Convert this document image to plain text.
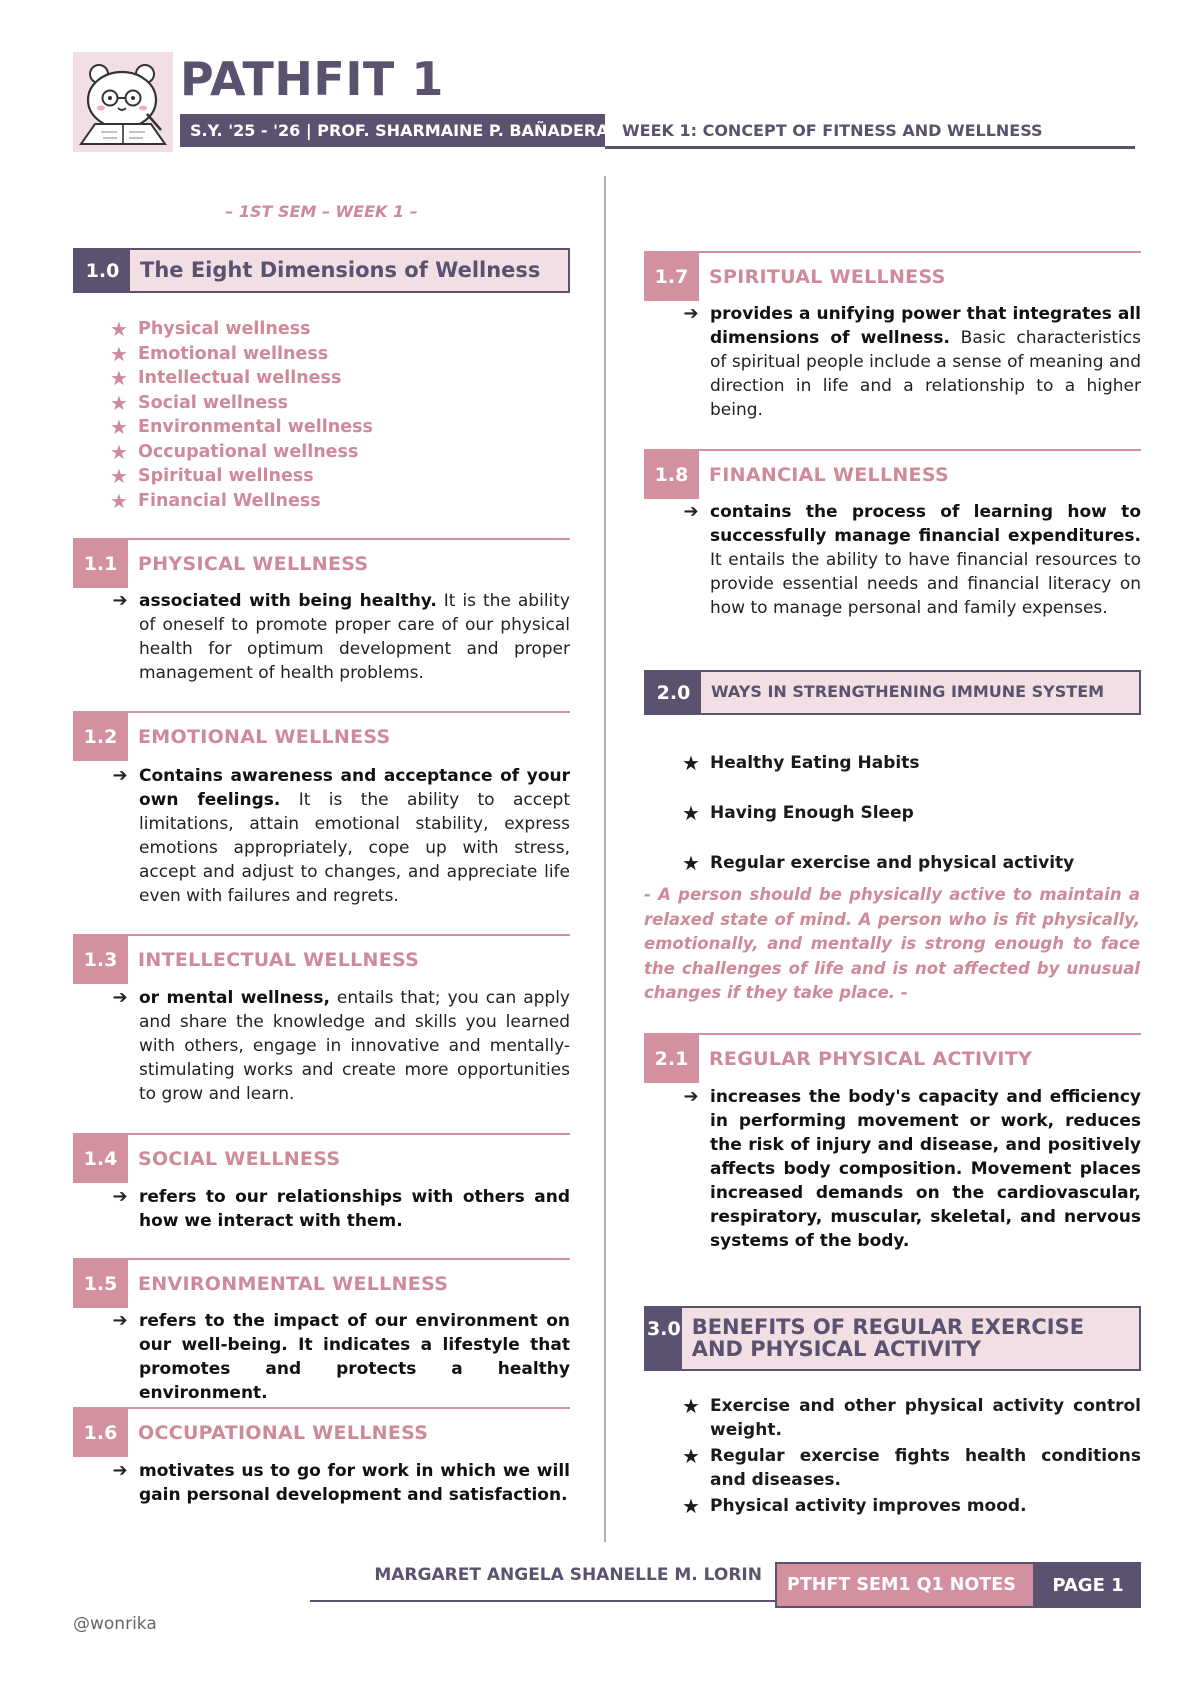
PATHFIT 1
S.Y. '25 - '26 | PROF. SHARMAINE P. BAÑADERA WEEK 1: CONCEPT OF FITNESS AND WELLNESS
– 1ST SEM – WEEK 1 –
1.0 The Eight Dimensions of Wellness
★ Physical wellness
★ Emotional wellness
★ Intellectual wellness
★ Social wellness
★ Environmental wellness
★ Occupational wellness
★ Spiritual wellness
★ Financial Wellness
1.1	PHYSICAL WELLNESS
➔ associated with being healthy. It is the ability of oneself to promote proper care of our physical health for optimum development and proper management of health problems.

1.2	EMOTIONAL WELLNESS
➔ Contains awareness and acceptance of your own feelings. It is the ability to accept limitations, attain emotional stability, express emotions appropriately, cope up with stress, accept and adjust to changes, and appreciate life even with failures and regrets.

1.3	INTELLECTUAL WELLNESS
➔ or mental wellness, entails that; you can apply and share the knowledge and skills you learned with others, engage in innovative and mentally-stimulating works and create more opportunities to grow and learn.

1.4	SOCIAL WELLNESS
➔ refers to our relationships with others and how we interact with them.

1.5	ENVIRONMENTAL WELLNESS
➔ refers to the impact of our environment on our well-being. It indicates a lifestyle that promotes and protects a healthy environment.

1.6	OCCUPATIONAL WELLNESS
➔ motivates us to go for work in which we will gain personal development and satisfaction.

1.7	SPIRITUAL WELLNESS
➔ provides a unifying power that integrates all dimensions of wellness. Basic characteristics of spiritual people include a sense of meaning and direction in life and a relationship to a higher being.

1.8	FINANCIAL WELLNESS
➔ contains the process of learning how to successfully manage financial expenditures. It entails the ability to have financial resources to provide essential needs and financial literacy on how to manage personal and family expenses.

2.0	WAYS IN STRENGTHENING IMMUNE SYSTEM
★ Healthy Eating Habits
★ Having Enough Sleep
★ Regular exercise and physical activity

- A person should be physically active to maintain a relaxed state of mind. A person who is fit physically, emotionally, and mentally is strong enough to face the challenges of life and is not affected by unusual changes if they take place. -

2.1	REGULAR PHYSICAL ACTIVITY
➔ increases the body's capacity and efficiency in performing movement or work, reduces the risk of injury and disease, and positively affects body composition. Movement places increased demands on the cardiovascular, respiratory, muscular, skeletal, and nervous systems of the body.

3.0 BENEFITS OF REGULAR EXERCISE AND PHYSICAL ACTIVITY
★ Exercise and other physical activity control weight.
★ Regular exercise fights health conditions and diseases.
★ Physical activity improves mood.
MARGARET ANGELA SHANELLE M. LORIN	PTHFT SEM1 Q1 NOTES	PAGE 1
@wonrika
